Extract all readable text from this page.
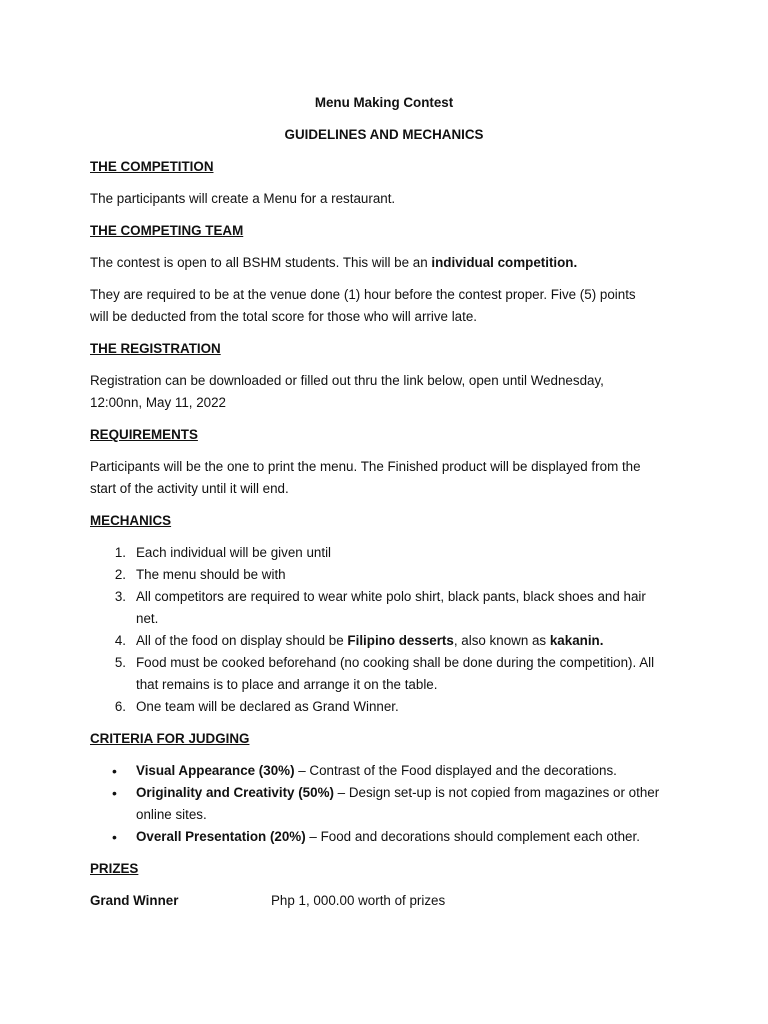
Menu Making Contest
GUIDELINES AND MECHANICS
THE COMPETITION
The participants will create a Menu for a restaurant.
THE COMPETING TEAM
The contest is open to all BSHM students. This will be an individual competition.
They are required to be at the venue done (1) hour before the contest proper. Five (5) points
will be deducted from the total score for those who will arrive late.
THE REGISTRATION
Registration can be downloaded or filled out thru the link below, open until Wednesday,
12:00nn, May 11, 2022
REQUIREMENTS
Participants will be the one to print the menu. The Finished product will be displayed from the
start of the activity until it will end.
MECHANICS
1. Each individual will be given until
2. The menu should be with
3. All competitors are required to wear white polo shirt, black pants, black shoes and hair
net.
4. All of the food on display should be Filipino desserts, also known as kakanin.
5. Food must be cooked beforehand (no cooking shall be done during the competition). All
that remains is to place and arrange it on the table.
6. One team will be declared as Grand Winner.
CRITERIA FOR JUDGING
• Visual Appearance (30%) – Contrast of the Food displayed and the decorations.
• Originality and Creativity (50%) – Design set-up is not copied from magazines or other
online sites.
• Overall Presentation (20%) – Food and decorations should complement each other.
PRIZES
Grand Winner	Php 1, 000.00 worth of prizes
